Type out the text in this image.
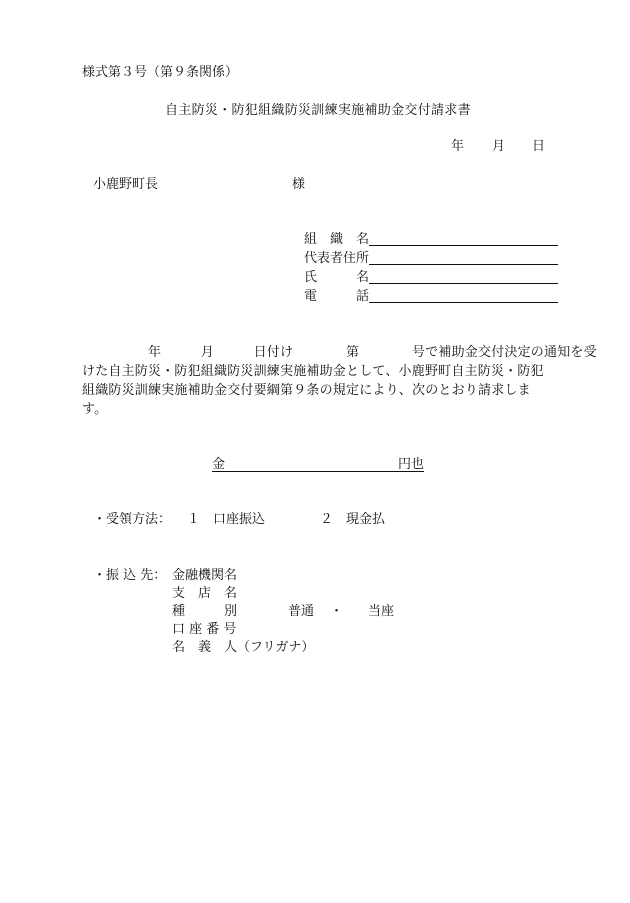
様式第３号（第９条関係）
自主防災・防犯組織防災訓練実施補助金交付請求書
年 月 日
小鹿野町長	様
組　織　名
代表者住所
氏　　　名
電　　　話
　　　　　年　　　月　　　日付け　　　　第　　　　号で補助金交付決定の通知を受
けた自主防災・防犯組織防災訓練実施補助金として、小鹿野町自主防災・防犯
組織防災訓練実施補助金交付要綱第９条の規定により、次のとおり請求しま
す。
金	円也
・受領方法： １　口座振込	２　現金払
・振 込 先： 金融機関名
支　店　名
種　　　別	普通 ・ 当座
口 座 番 号
名　義　人（フリガナ）
